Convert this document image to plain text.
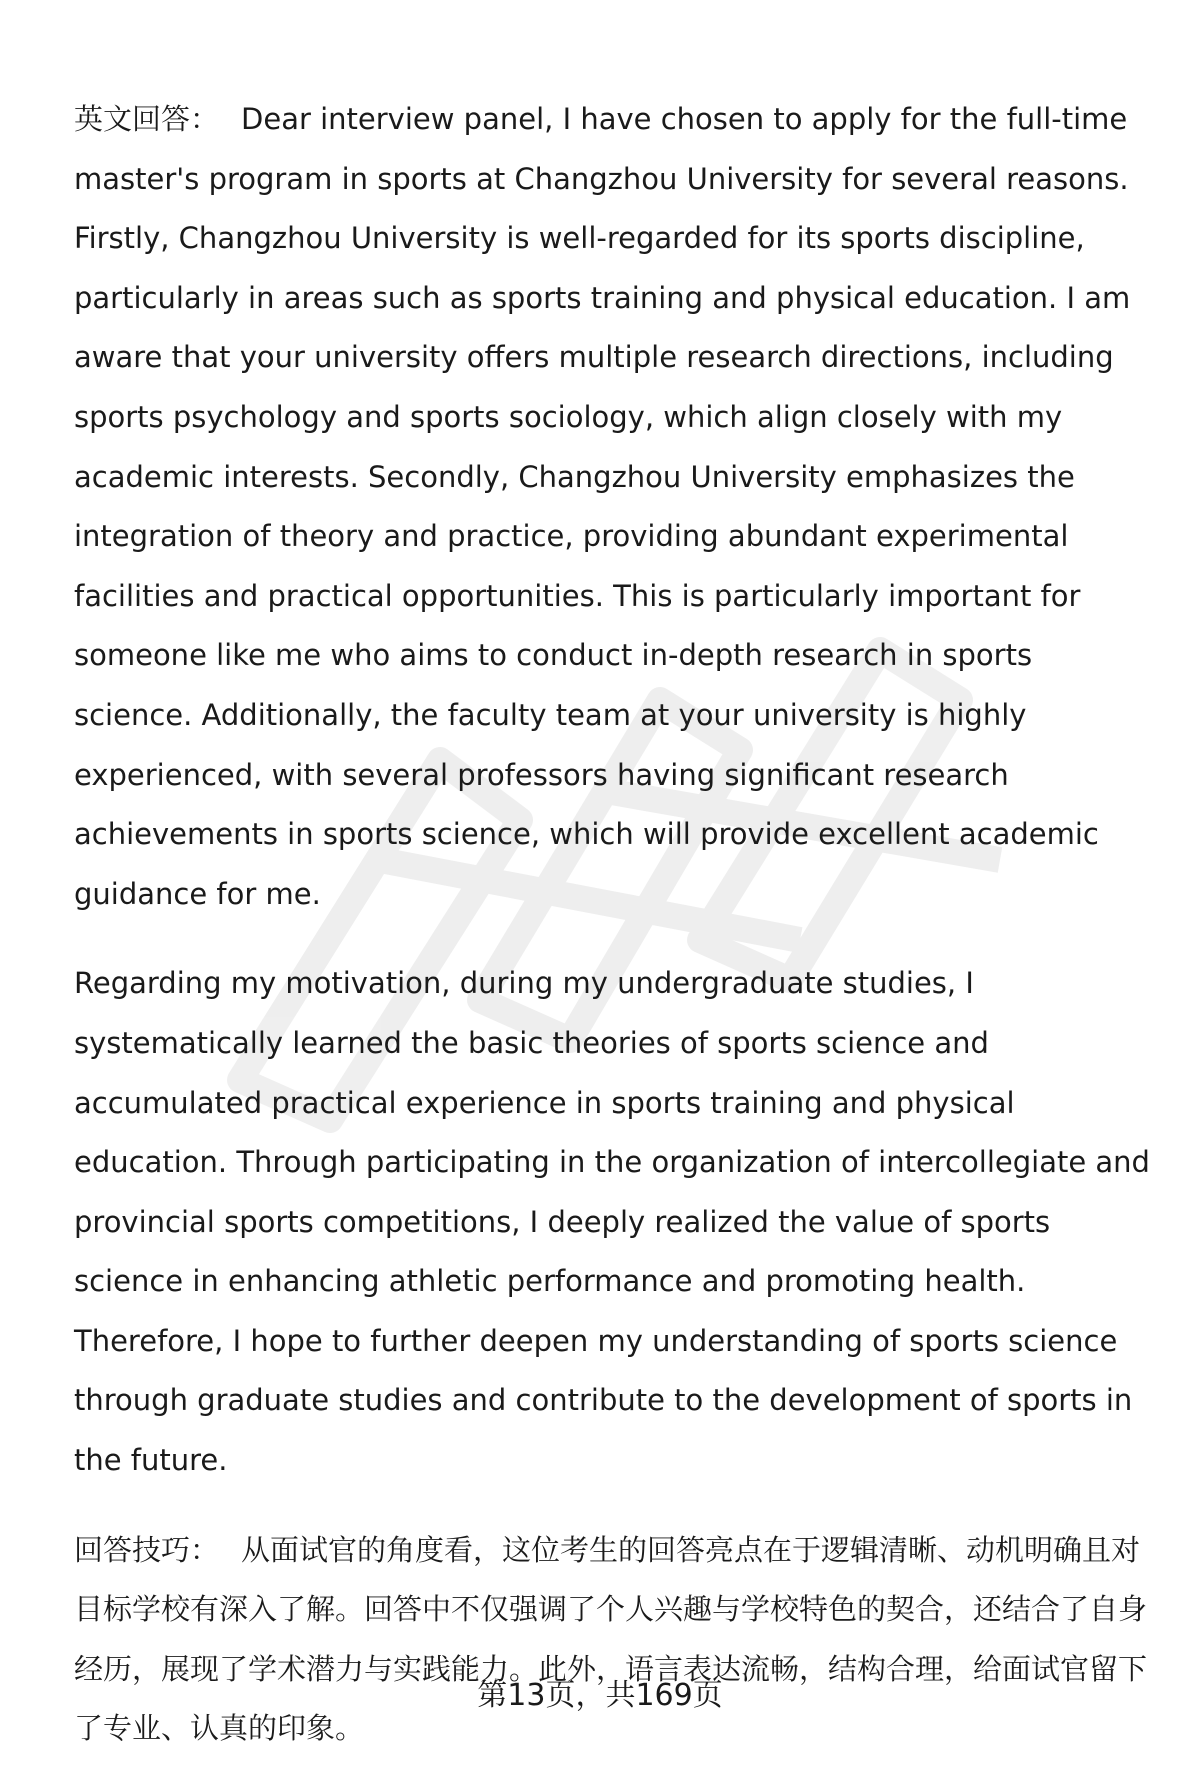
英文回答： Dear interview panel, I have chosen to apply for the full-time master's program in sports at Changzhou University for several reasons. Firstly, Changzhou University is well-regarded for its sports discipline, particularly in areas such as sports training and physical education. I am aware that your university offers multiple research directions, including sports psychology and sports sociology, which align closely with my academic interests. Secondly, Changzhou University emphasizes the integration of theory and practice, providing abundant experimental facilities and practical opportunities. This is particularly important for someone like me who aims to conduct in-depth research in sports science. Additionally, the faculty team at your university is highly experienced, with several professors having significant research achievements in sports science, which will provide excellent academic guidance for me.

Regarding my motivation, during my undergraduate studies, I systematically learned the basic theories of sports science and accumulated practical experience in sports training and physical education. Through participating in the organization of intercollegiate and provincial sports competitions, I deeply realized the value of sports science in enhancing athletic performance and promoting health. Therefore, I hope to further deepen my understanding of sports science through graduate studies and contribute to the development of sports in the future.

回答技巧： 从面试官的角度看，这位考生的回答亮点在于逻辑清晰、动机明确且对目标学校有深入了解。回答中不仅强调了个人兴趣与学校特色的契合，还结合了自身经历，展现了学术潜力与实践能力。此外，语言表达流畅，结构合理，给面试官留下了专业、认真的印象。

第13页，共169页
